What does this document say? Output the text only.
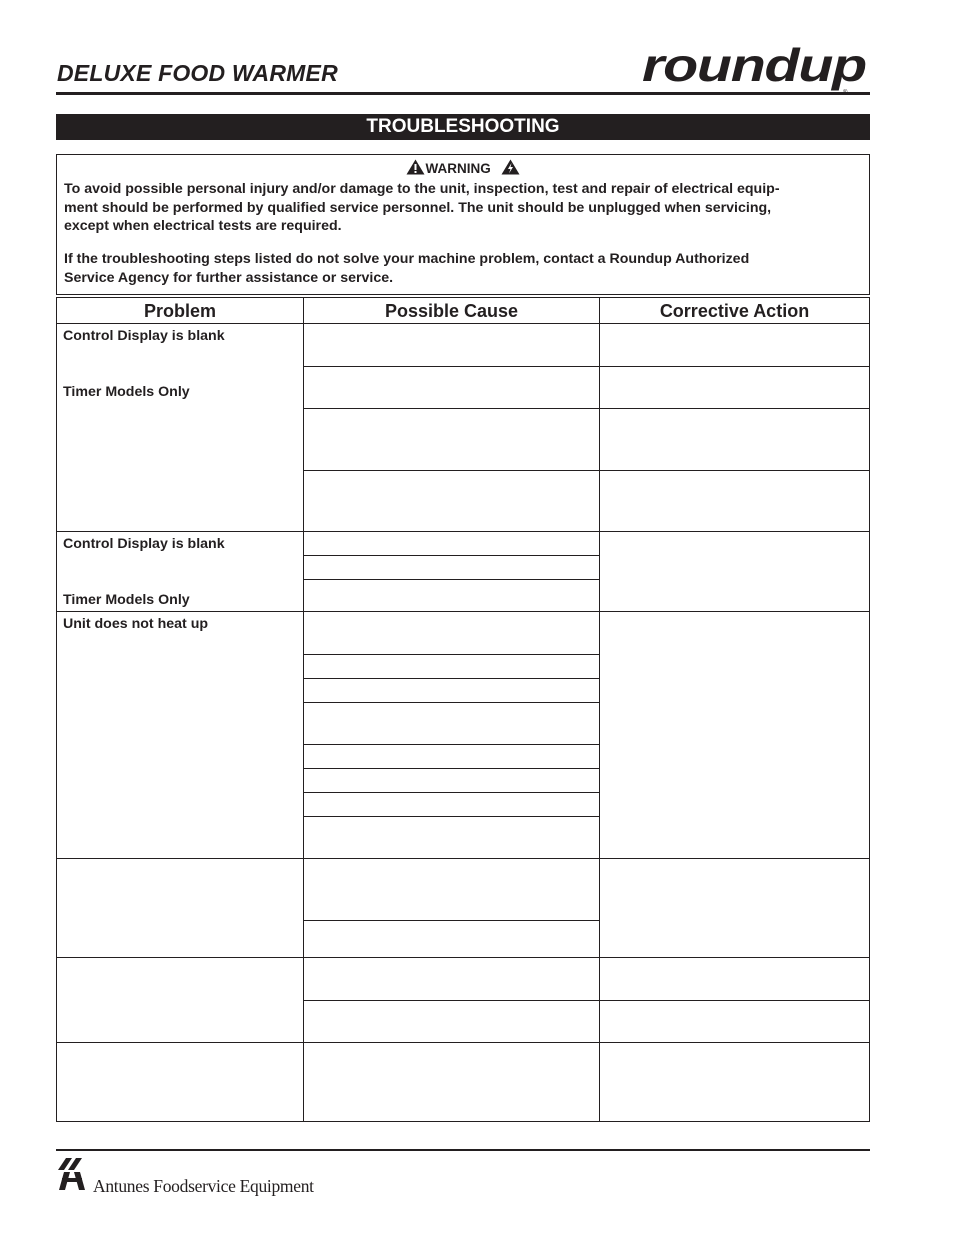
DELUXE FOOD WARMER	roundup
TROUBLESHOOTING
WARNING
To avoid possible personal injury and/or damage to the unit, inspection, test and repair of electrical equip-
ment should be performed by qualified service personnel. The unit should be unplugged when servicing,
except when electrical tests are required.
If the troubleshooting steps listed do not solve your machine problem, contact a Roundup Authorized
Service Agency for further assistance or service.
Problem	Possible Cause	Corrective Action
Control Display is blank
Timer Models Only
Control Display is blank
Timer Models Only
Unit does not heat up
Antunes Foodservice Equipment
